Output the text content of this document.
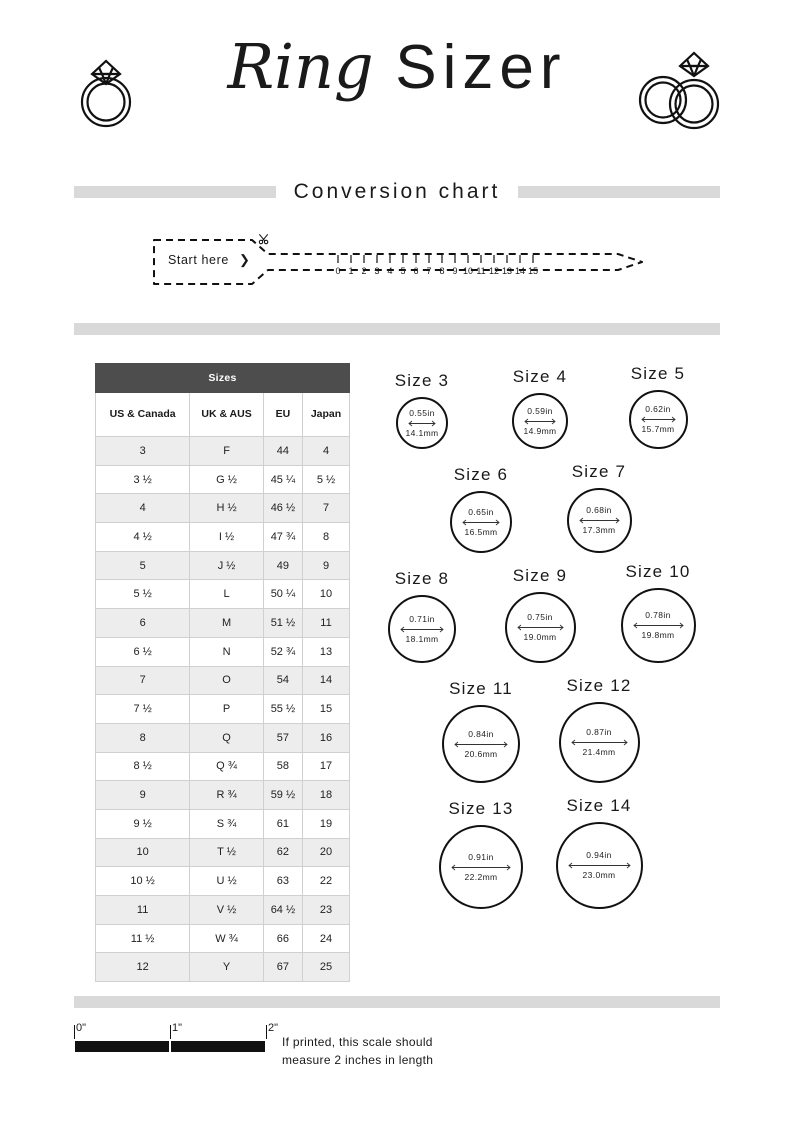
Ring Sizer
Conversion chart
Start here ❯
0 1 2 3 4 5 6 7 8 9 10 11 12 13 14 15
Sizes			
US & Canada	UK & AUS	EU	Japan
3	F	44	4
3 ½	G ½	45 ¼	5 ½
4	H ½	46 ½	7
4 ½	I ½	47 ¾	8
5	J ½	49	9
5 ½	L	50 ¼	10
6	M	51 ½	11
6 ½	N	52 ¾	13
7	O	54	14
7 ½	P	55 ½	15
8	Q	57	16
8 ½	Q ¾	58	17
9	R ¾	59 ½	18
9 ½	S ¾	61	19
10	T ½	62	20
10 ½	U ½	63	22
11	V ½	64 ½	23
11 ½	W ¾	66	24
12	Y	67	25
Size 3
0.55in
14.1mm
Size 4
0.59in
14.9mm
Size 5
0.62in
15.7mm
Size 6
0.65in
16.5mm
Size 7
0.68in
17.3mm
Size 8
0.71in
18.1mm
Size 9
0.75in
19.0mm
Size 10
0.78in
19.8mm
Size 11
0.84in
20.6mm
Size 12
0.87in
21.4mm
Size 13
0.91in
22.2mm
Size 14
0.94in
23.0mm
0"	1"	2"
If printed, this scale should
measure 2 inches in length
